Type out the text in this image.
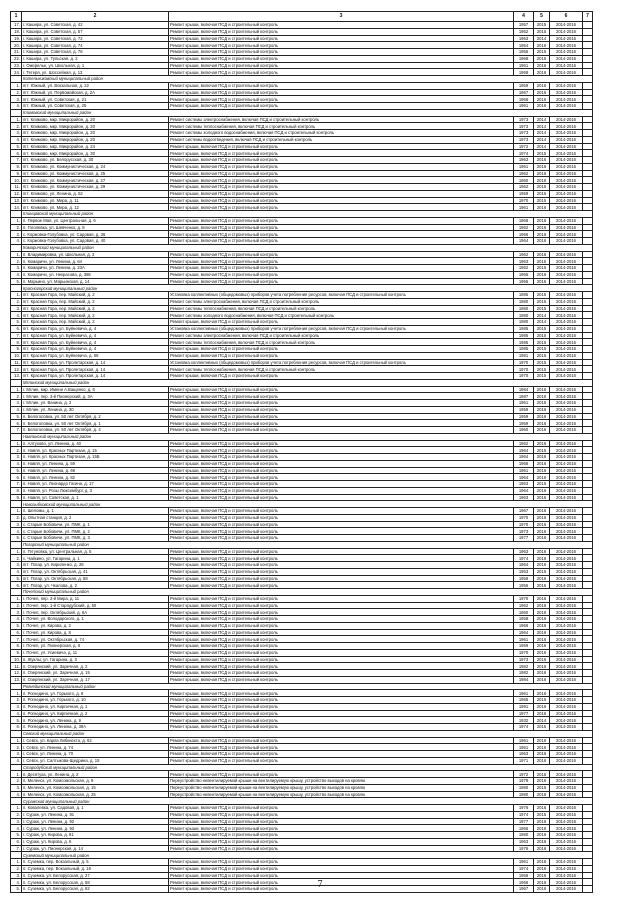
1	2	3	4	5	6	7
17.	г. Кашира, ул. Советская, д. 42	Ремонт крыши, включая ПСД и строительный контроль	1957	2015	2014-2016	
18.	г. Кашира, ул. Советская, д. 57	Ремонт крыши, включая ПСД и строительный контроль	1952	2015	2014-2016	
19.	г. Кашира, ул. Советская, д. 72	Ремонт крыши, включая ПСД и строительный контроль	1963	2014	2014-2016	
20.	г. Кашира, ул. Советская, д. 74	Ремонт крыши, включая ПСД и строительный контроль	1954	2016	2014-2016	
21.	г. Кашира, ул. Советская, д. 76	Ремонт крыши, включая ПСД и строительный контроль	1956	2016	2014-2016	
22.	г. Кашира, ул. Тульская, д. 2	Ремонт крыши, включая ПСД и строительный контроль	1968	2015	2014-2016	
23.	г. Ожерелье, ул. Школьная, д. 1	Ремонт крыши, включая ПСД и строительный контроль	1961	2016	2014-2016	
24.	г. Тетеря, ул. Шоссейная, д. 13	Ремонт крыши, включая ПСД и строительный контроль	1968	2016	2014-2016	
	Котельниковский муниципальный район					
1.	пгт. Южный, ул. Вокзальная, д. 22	Ремонт крыши, включая ПСД и строительный контроль	1959	2016	2014-2016	
2.	пгт. Южный, ул. Первомайская, д. 2А	Ремонт крыши, включая ПСД и строительный контроль	1967	2016	2014-2016	
3.	пгт. Южный, ул. Советская, д. 21	Ремонт крыши, включая ПСД и строительный контроль	1966	2016	2014-2016	
4.	пгт. Южный, ул. Советская, д. 25	Ремонт крыши, включая ПСД и строительный контроль	1961	2016	2014-2016	
	Климовский муниципальный район					
1.	пгт. Климово, мкр. Микрорайон, д. 20	Ремонт системы электроснабжения, включая ПСД и строительный контроль	1973	2014	2014-2016	
2.	пгт. Климово, мкр. Микрорайон, д. 20	Ремонт системы теплоснабжения, включая ПСД и строительный контроль	1973	2014	2014-2016	
3.	пгт. Климово, мкр. Микрорайон, д. 20	Ремонт системы холодного водоснабжения, включая ПСД и строительный контроль	1973	2014	2014-2016	
4.	пгт. Климово, мкр. Микрорайон, д. 20	Ремонт системы водоотведения, включая ПСД и строительный контроль	1973	2014	2014-2016	
5.	пгт. Климово, мкр. Микрорайон, д. 24	Ремонт крыши, включая ПСД и строительный контроль	1972	2014	2014-2016	
6.	пгт. Климово, мкр. Микрорайон, д. 30	Ремонт крыши, включая ПСД и строительный контроль	1974	2015	2014-2016	
7.	пгт. Климово, ул. Белорусская, д. 30	Ремонт крыши, включая ПСД и строительный контроль	1963	2016	2014-2016	
8.	пгт. Климово, ул. Коммунистическая, д. 24	Ремонт крыши, включая ПСД и строительный контроль	1961	2016	2014-2016	
9.	пгт. Климово, ул. Коммунистическая, д. 25	Ремонт крыши, включая ПСД и строительный контроль	1962	2016	2014-2016	
10.	пгт. Климово, ул. Коммунистическая, д. 27	Ремонт крыши, включая ПСД и строительный контроль	1960	2016	2014-2016	
11.	пгт. Климово, ул. Коммунистическая, д. 29	Ремонт крыши, включая ПСД и строительный контроль	1962	2015	2014-2016	
12.	пгт. Климово, ул. Ленина, д. 52	Ремонт крыши, включая ПСД и строительный контроль	1959	2016	2014-2016	
13.	пгт. Климово, ул. Мира, д. 11	Ремонт крыши, включая ПСД и строительный контроль	1970	2015	2014-2016	
14.	пгт. Климово, ул. Мира, д. 12	Ремонт крыши, включая ПСД и строительный контроль	1961	2016	2014-2016	
	Клинцовский муниципальный район					
1.	п. Первое Мая, ул. Центральная, д. 6	Ремонт крыши, включая ПСД и строительный контроль	1968	2016	2014-2016	
2.	п. Гоголевка, ул. Шевченко, д. 8	Ремонт крыши, включая ПСД и строительный контроль	1962	2016	2014-2016	
3.	с. Коржовка-Голубовка, ул. Садовая, д. 36	Ремонт крыши, включая ПСД и строительный контроль	1966	2016	2014-2016	
4.	с. Коржовка-Голубовка, ул. Садовая, д. 40	Ремонт крыши, включая ПСД и строительный контроль	1964	2016	2014-2016	
	Комаричский муниципальный район					
1.	п. Владимировка, ул. Школьная, д. 3	Ремонт крыши, включая ПСД и строительный контроль	1962	2016	2014-2016	
2.	п. Комаричи, ул. Ленина, д. 64	Ремонт крыши, включая ПСД и строительный контроль	1963	2015	2014-2016	
3.	п. Комаричи, ул. Ленина, д. 23А	Ремонт крыши, включая ПСД и строительный контроль	1962	2016	2014-2016	
4.	п. Комаричи, ул. Некрасова, д. 386	Ремонт крыши, включая ПСД и строительный контроль	1965	2016	2014-2016	
5.	п. Марьино, ул. Марьинская, д. 14	Ремонт крыши, включая ПСД и строительный контроль	1966	2016	2014-2016	
	Красногорский муниципальный район					
1.	пгт. Красная Гора, пер. Майский, д. 2	Установка коллективных (общедомовых) приборов учета потребления ресурсов, включая ПСД и строительный контроль	1985	2015	2014-2016	
2.	пгт. Красная Гора, пер. Майский, д. 2	Ремонт системы электроснабжения, включая ПСД и строительный контроль	1980	2015	2014-2016	
3.	пгт. Красная Гора, пер. Майский, д. 2	Ремонт системы теплоснабжения, включая ПСД и строительный контроль	1980	2015	2014-2016	
4.	пгт. Красная Гора, пер. Майский, д. 2	Ремонт системы холодного водоснабжения, включая ПСД и строительный контроль	1980	2014	2014-2016	
5.	пгт. Красная Гора, пер. Майский, д. 2	Ремонт крыши, включая ПСД и строительный контроль	1980	2014	2014-2016	
6.	пгт. Красная Гора, ул. Буйневича, д. 4	Установка коллективных (общедомовых) приборов учета потребления ресурсов, включая ПСД и строительный контроль	1985	2015	2014-2016	
7.	пгт. Красная Гора, ул. Буйневича, д. 4	Ремонт системы электроснабжения, включая ПСД и строительный контроль	1985	2015	2014-2016	
8.	пгт. Красная Гора, ул. Буйневича, д. 4	Ремонт системы теплоснабжения, включая ПСД и строительный контроль	1985	2015	2014-2016	
9.	пгт. Красная Гора, ул. Буйневича, д. 4	Ремонт крыши, включая ПСД и строительный контроль	1985	2015	2014-2016	
10.	пгт. Красная Гора, ул. Буйневича, д. 58	Ремонт крыши, включая ПСД и строительный контроль	1981	2015	2014-2016	
11.	пгт. Красная Гора, ул. Пролетарская, д. 14	Установка коллективных (общедомовых) приборов учета потребления ресурсов, включая ПСД и строительный контроль	1970	2015	2014-2016	
12.	пгт. Красная Гора, ул. Пролетарская, д. 14	Ремонт системы теплоснабжения, включая ПСД и строительный контроль	1970	2015	2014-2016	
13.	пгт. Красная Гора, ул. Пролетарская, д. 14	Ремонт крыши, включая ПСД и строительный контроль	1970	2015	2014-2016	
	Мглинский муниципальный район					
1.	г. Мглин, мкр. Имени А.Ващенко, д. 6	Ремонт крыши, включая ПСД и строительный контроль	1984	2016	2014-2016	
2.	г. Мглин, пер. 3-й Пионерский, д. 3А	Ремонт крыши, включая ПСД и строительный контроль	1987	2016	2014-2016	
3.	г. Мглин, ул. Ванина, д. 2	Ремонт крыши, включая ПСД и строительный контроль	1961	2015	2014-2016	
4.	г. Мглин, ул. Ленина, д. 30	Ремонт крыши, включая ПСД и строительный контроль	1959	2016	2014-2016	
5.	п. Белоголовка, ул. 50 лет Октября, д. 2	Ремонт крыши, включая ПСД и строительный контроль	1959	2016	2014-2016	
6.	п. Белоголовка, ул. 50 лет Октября, д. 1	Ремонт крыши, включая ПСД и строительный контроль	1959	2016	2014-2016	
7.	п. Белоголовка, ул. 50 лет Октября, д. 4	Ремонт крыши, включая ПСД и строительный контроль	1960	2016	2014-2016	
	Навлинский муниципальный район					
1.	п. Алтухово, ул. Ленина, д. 40	Ремонт крыши, включая ПСД и строительный контроль	1962	2016	2014-2016	
2.	п. Навля, ул. Красных Партизан, д. 15	Ремонт крыши, включая ПСД и строительный контроль	1964	2015	2014-2016	
3.	п. Навля, ул. Красных Партизан, д. 15Б	Ремонт крыши, включая ПСД и строительный контроль	1964	2016	2014-2016	
4.	п. Навля, ул. Ленина, д. 59	Ремонт крыши, включая ПСД и строительный контроль	1966	2016	2014-2016	
5.	п. Навля, ул. Ленина, д. 69	Ремонт крыши, включая ПСД и строительный контроль	1961	2016	2014-2016	
6.	п. Навля, ул. Ленина, д. 82	Ремонт крыши, включая ПСД и строительный контроль	1964	2016	2014-2016	
7.	п. Навля, ул. Леонардо Гагина, д. 17	Ремонт крыши, включая ПСД и строительный контроль	1963	2016	2014-2016	
8.	п. Навля, ул. Розы Люксембург, д. 3	Ремонт крыши, включая ПСД и строительный контроль	1964	2016	2014-2016	
9.	п. Навля, ул. Советская, д. 1	Ремонт крыши, включая ПСД и строительный контроль	1963	2016	2014-2016	
	Новозыбковский муниципальный район					
1.	п. Шеломы, д. 1	Ремонт крыши, включая ПСД и строительный контроль	1967	2016	2014-2016	
2.	д. Опытная станция, д. 2	Ремонт крыши, включая ПСД и строительный контроль	1970	2016	2014-2016	
3.	с. Старые Бобовичи, ул. ПМК, д. 1	Ремонт крыши, включая ПСД и строительный контроль	1970	2016	2014-2016	
4.	с. Старые Бобовичи, ул. ПМК, д. 2	Ремонт крыши, включая ПСД и строительный контроль	1973	2016	2014-2016	
5.	с. Старые Бобовичи, ул. ПМК, д. 3	Ремонт крыши, включая ПСД и строительный контроль	1977	2016	2014-2016	
	Погарский муниципальный район					
1.	п. Гетуновка, ул. Центральная, д. 5	Ремонт крыши, включая ПСД и строительный контроль	1963	2016	2014-2016	
2.	с. Чайкино, ул. Гагарина, д. 1	Ремонт крыши, включая ПСД и строительный контроль	1974	2016	2014-2016	
3.	пгт. Погар, ул. Кириленко, д. 28	Ремонт крыши, включая ПСД и строительный контроль	1964	2016	2014-2016	
4.	пгт. Погар, ул. Октябрьская, д. 41	Ремонт крыши, включая ПСД и строительный контроль	1953	2016	2014-2016	
5.	пгт. Погар, ул. Октябрьская, д. 58	Ремонт крыши, включая ПСД и строительный контроль	1959	2016	2014-2016	
6.	пгт. Погар, ул. Чкалова, д. 2	Ремонт крыши, включая ПСД и строительный контроль	1956	2016	2014-2016	
	Почепский муниципальный район					
1.	г. Почеп, пер. 2-й Мира, д. 11	Ремонт крыши, включая ПСД и строительный контроль	1970	2016	2014-2016	
2.	г. Почеп, пер. 1-й Стародубский, д. 50	Ремонт крыши, включая ПСД и строительный контроль	1962	2016	2014-2016	
3.	г. Почеп, пер. Октябрьский, д. 6А	Ремонт крыши, включая ПСД и строительный контроль	1960	2016	2014-2016	
4.	г. Почеп, ул. Володарского, д. 1	Ремонт крыши, включая ПСД и строительный контроль	1958	2016	2014-2016	
5.	г. Почеп, ул. Кирова, д. 2	Ремонт крыши, включая ПСД и строительный контроль	1966	2016	2014-2016	
6.	г. Почеп, ул. Кирова, д. 8	Ремонт крыши, включая ПСД и строительный контроль	1964	2016	2014-2016	
7.	г. Почеп, ул. Октябрьская, д. 74	Ремонт крыши, включая ПСД и строительный контроль	1961	2016	2014-2016	
8.	г. Почеп, ул. Пионерская, д. 6	Ремонт крыши, включая ПСД и строительный контроль	1959	2016	2014-2016	
9.	г. Почеп, ул. Усиевича, д. 11	Ремонт крыши, включая ПСД и строительный контроль	1970	2016	2014-2016	
10.	п. Жуклы, ул. Гагарина, д. 3	Ремонт крыши, включая ПСД и строительный контроль	1973	2016	2014-2016	
11.	п. Озерянский, ул. Заречная, д. 2	Ремонт крыши, включая ПСД и строительный контроль	1982	2016	2014-2016	
12.	п. Озерянский, ул. Заречная, д. 15	Ремонт крыши, включая ПСД и строительный контроль	1982	2016	2014-2016	
13.	п. Озерянский, ул. Заречная, д. 17	Ремонт крыши, включая ПСД и строительный контроль	1984	2016	2014-2016	
	Рогнединский муниципальный район					
1.	п. Рогнедино, ул. Горького, д. 8	Ремонт крыши, включая ПСД и строительный контроль	1961	2016	2014-2016	
2.	п. Рогнедино, ул. Горького, д. 10	Ремонт крыши, включая ПСД и строительный контроль	1965	2016	2014-2016	
3.	п. Рогнедино, ул. Кирпичная, д. 1	Ремонт крыши, включая ПСД и строительный контроль	1991	2016	2014-2016	
4.	п. Рогнедино, ул. Кирпичная, д. 2	Ремонт крыши, включая ПСД и строительный контроль	1977	2016	2014-2016	
5.	п. Рогнедино, ул. Ленина, д. 9	Ремонт крыши, включая ПСД и строительный контроль	1932	2014	2014-2016	
6.	п. Рогнедино, ул. Ленина, д. 39А	Ремонт крыши, включая ПСД и строительный контроль	1974	2016	2014-2016	
	Севский муниципальный район					
1.	г. Севск, ул. Карла Либкнехта, д. 62	Ремонт крыши, включая ПСД и строительный контроль	1961	2016	2014-2016	
2.	г. Севск, ул. Ленина, д. 74	Ремонт крыши, включая ПСД и строительный контроль	1961	2016	2014-2016	
3.	г. Севск, ул. Ленина, д. 70	Ремонт крыши, включая ПСД и строительный контроль	1963	2016	2014-2016	
4.	г. Севск, ул. Салтыкова-Щедрина, д. 15	Ремонт крыши, включая ПСД и строительный контроль	1971	2016	2014-2016	
	Стародубский муниципальный район					
1.	п. Десятуха, ул. Ленина, д. 2	Ремонт крыши, включая ПСД и строительный контроль	1972	2016	2014-2016	
2.	п. Меленск, ул. Комсомольская, д. 9	Переустройство невентилируемой крыши на вентилируемую крышу, устройство выходов на кровлю	1978	2016	2014-2016	
3.	п. Меленск, ул. Комсомольская, д. 15	Переустройство невентилируемой крыши на вентилируемую крышу, устройство выходов на кровлю	1980	2016	2014-2016	
4.	п. Меленск, ул. Комсомольская, д. 25	Переустройство невентилируемой крыши на вентилируемую крышу, устройство выходов на кровлю	1980	2016	2014-2016	
	Суражский муниципальный район					
1.	п. Ковалевка, ул. Садовая, д. 1	Ремонт крыши, включая ПСД и строительный контроль	1976	2016	2014-2016	
2.	г. Сураж, ул. Ленина, д. 91	Ремонт крыши, включая ПСД и строительный контроль	1974	2015	2014-2016	
3.	г. Сураж, ул. Ленина, д. 92	Ремонт крыши, включая ПСД и строительный контроль	1977	2016	2014-2016	
4.	г. Сураж, ул. Ленина, д. 93	Ремонт крыши, включая ПСД и строительный контроль	1966	2016	2014-2016	
5.	г. Сураж, ул. Кирова, д. 81	Ремонт крыши, включая ПСД и строительный контроль	1980	2016	2014-2016	
6.	г. Сураж, ул. Кирова, д. 6	Ремонт крыши, включая ПСД и строительный контроль	1963	2016	2014-2016	
7.	г. Сураж, ул. Пионерская, д. 14	Ремонт крыши, включая ПСД и строительный контроль	1976	2016	2014-2016	
	Суземский муниципальный район					
1.	п. Суземка, пер. Вокзальный, д. 5	Ремонт крыши, включая ПСД и строительный контроль	1961	2016	2014-2016	
2.	п. Суземка, пер. Вокзальный, д. 16	Ремонт крыши, включая ПСД и строительный контроль	1974	2016	2014-2016	
3.	п. Суземка, ул. Белорусская, д. 27	Ремонт крыши, включая ПСД и строительный контроль	1958	2016	2014-2016	
4.	п. Суземка, ул. Белорусская, д. 58	Ремонт крыши, включая ПСД и строительный контроль	1966	2016	2014-2016	
5.	п. Суземка, ул. Белорусская, д. 62	Ремонт крыши, включая ПСД и строительный контроль	1967	2016	2014-2016	
7
